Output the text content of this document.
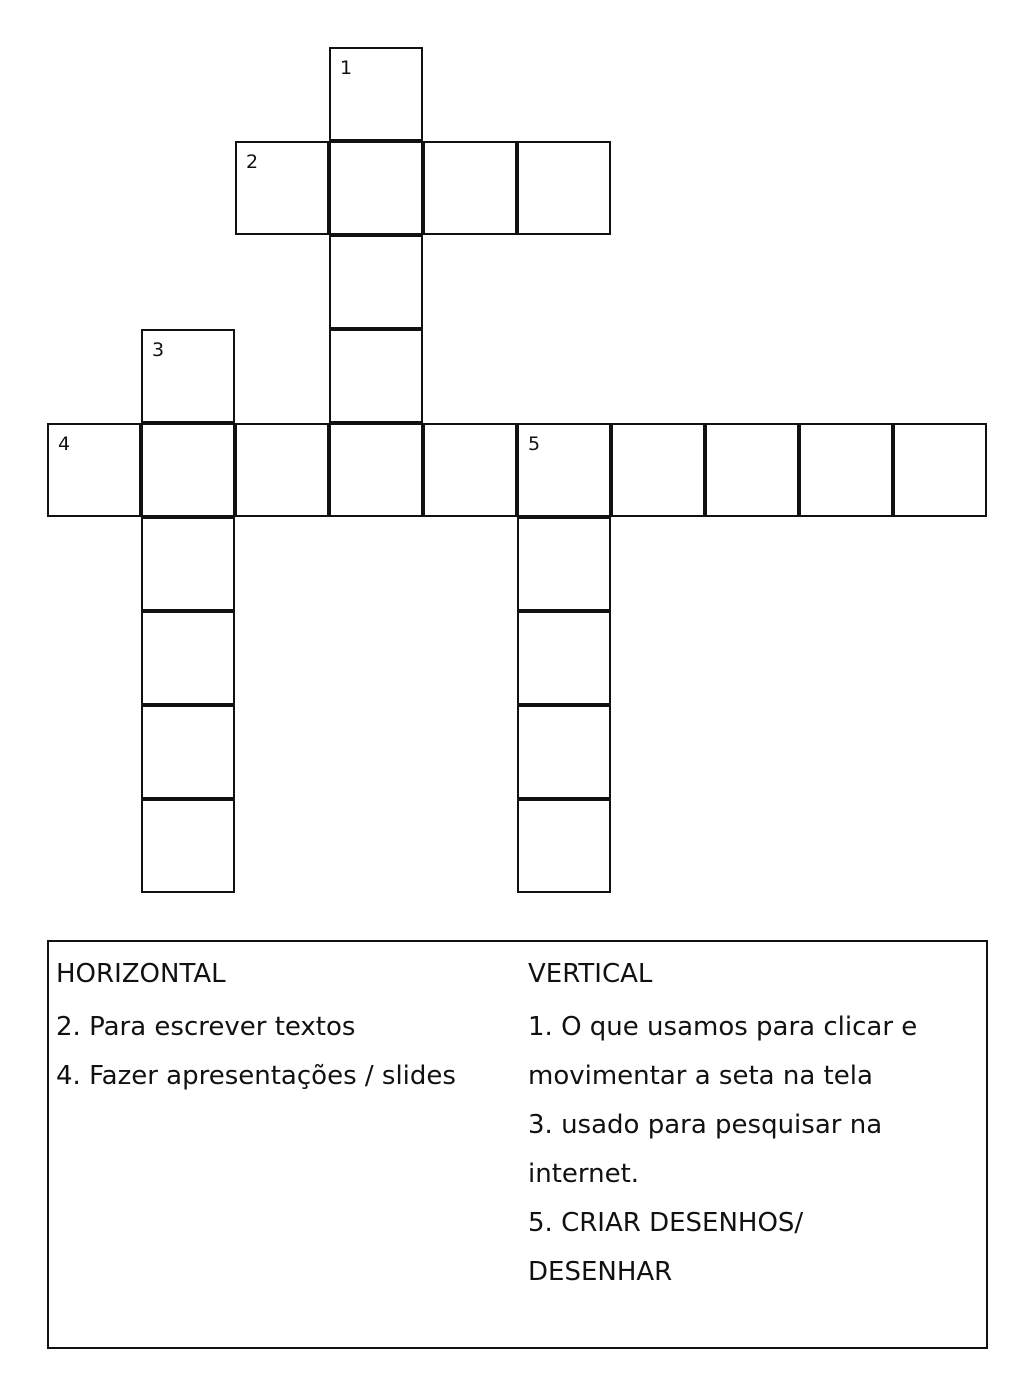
1
2
3
4	5
HORIZONTAL
2. Para escrever textos
4. Fazer apresentações / slides
VERTICAL
1. O que usamos para clicar e
movimentar a seta na tela
3. usado para pesquisar na
internet.
5. CRIAR DESENHOS/
DESENHAR
